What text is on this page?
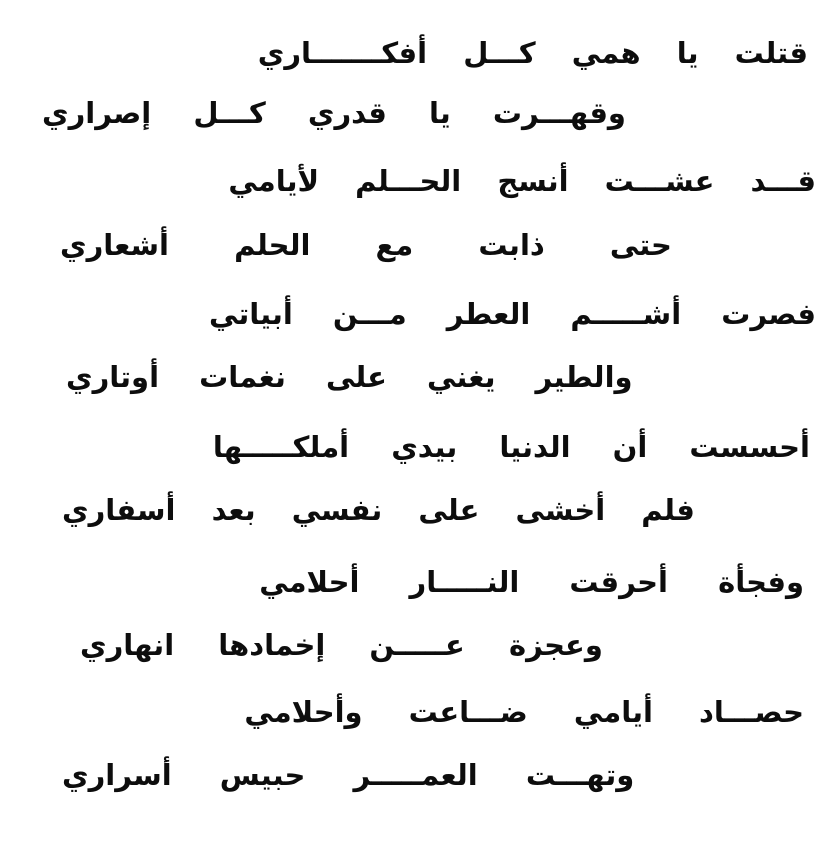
قتلت يا همي كـــل أفكـــــــاري
وقهـــرت يا قدري كـــل إصراري
قـــد عشـــت أنسج الحـــلم لأيامي
حتى ذابت مع الحلم أشعاري
فصرت أشـــــم العطر مـــن أبياتي
والطير يغني على نغمات أوتاري
أحسست أن الدنيا بيدي أملكـــــها
فلم أخشى على نفسي بعد أسفاري
وفجأة أحرقت النـــــار أحلامي
وعجزة عـــــن إخمادها انهاري
حصـــاد أيامي ضـــاعت وأحلامي
وتهـــت العمـــــر حبيس أسراري
